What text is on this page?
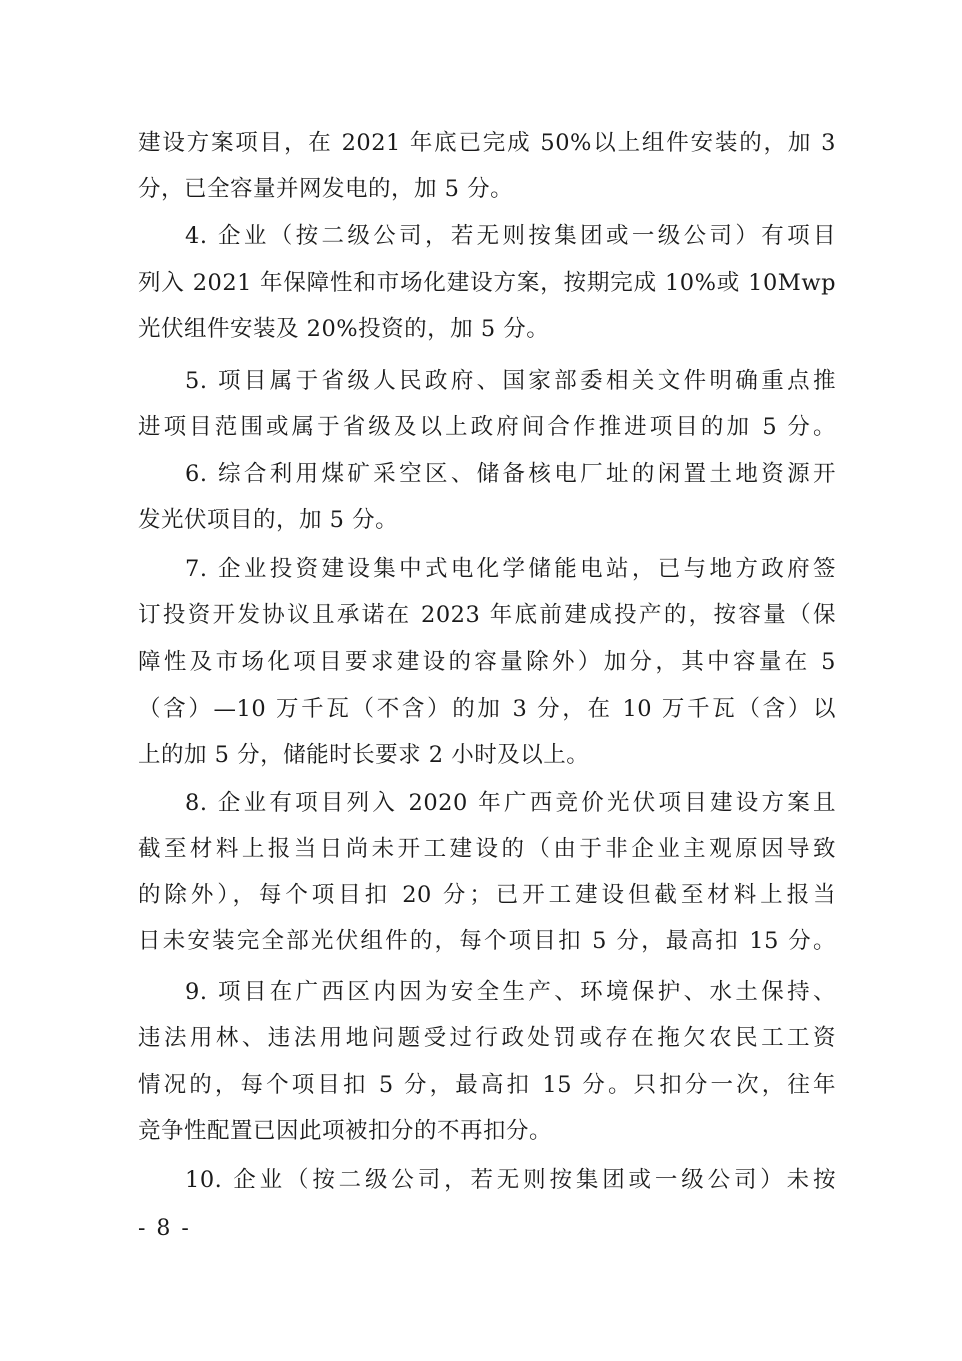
建设方案项目，在 2021 年底已完成 50%以上组件安装的，加 3
分，已全容量并网发电的，加 5 分。
4. 企业（按二级公司，若无则按集团或一级公司）有项目
列入 2021 年保障性和市场化建设方案，按期完成 10%或 10Mwp
光伏组件安装及 20%投资的，加 5 分。
5. 项目属于省级人民政府、国家部委相关文件明确重点推
进项目范围或属于省级及以上政府间合作推进项目的加 5 分。
6. 综合利用煤矿采空区、储备核电厂址的闲置土地资源开
发光伏项目的，加 5 分。
7. 企业投资建设集中式电化学储能电站，已与地方政府签
订投资开发协议且承诺在 2023 年底前建成投产的，按容量（保
障性及市场化项目要求建设的容量除外）加分，其中容量在 5
（含）—10 万千瓦（不含）的加 3 分，在 10 万千瓦（含）以
上的加 5 分，储能时长要求 2 小时及以上。
8. 企业有项目列入 2020 年广西竞价光伏项目建设方案且
截至材料上报当日尚未开工建设的（由于非企业主观原因导致
的除外），每个项目扣 20 分；已开工建设但截至材料上报当
日未安装完全部光伏组件的，每个项目扣 5 分，最高扣 15 分。
9. 项目在广西区内因为安全生产、环境保护、水土保持、
违法用林、违法用地问题受过行政处罚或存在拖欠农民工工资
情况的，每个项目扣 5 分，最高扣 15 分。只扣分一次，往年
竞争性配置已因此项被扣分的不再扣分。
10. 企业（按二级公司，若无则按集团或一级公司）未按
- 8 -
